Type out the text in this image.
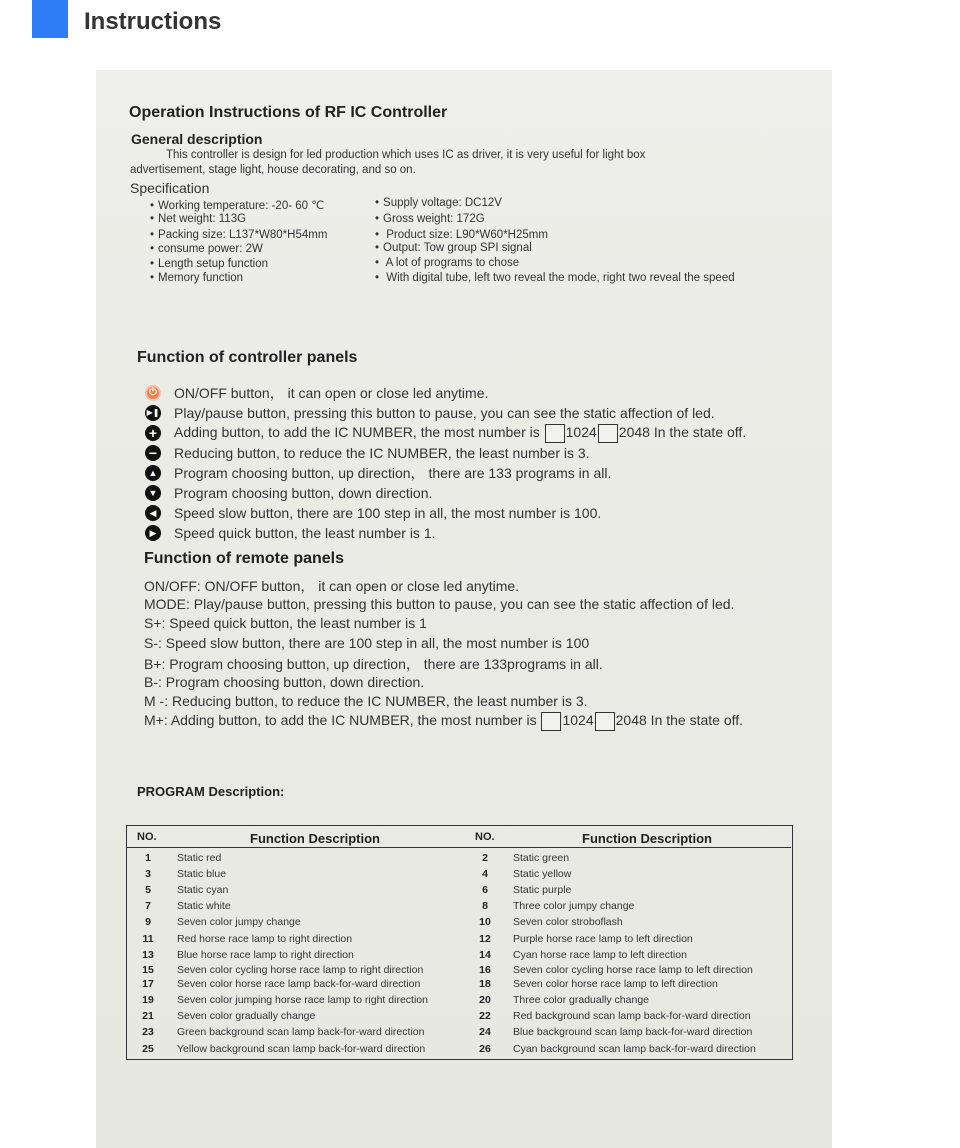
Instructions
Operation Instructions of RF IC Controller
General description
This controller is design for led production which uses IC as driver, it is very useful for light box
advertisement, stage light, house decorating, and so on.
Specification
• Working temperature: -20- 60 ℃
• Net weight: 113G
• Packing size: L137*W80*H54mm
• consume power: 2W
• Length setup function
• Memory function
• Supply voltage: DC12V
• Gross weight: 172G
• Product size: L90*W60*H25mm
• Output: Tow group SPI signal
• A lot of programs to chose
• With digital tube, left two reveal the mode, right two reveal the speed
Function of controller panels
⏻ ON/OFF button， it can open or close led anytime.
▶❚ Play/pause button, pressing this button to pause, you can see the static affection of led.
+ Adding button, to add the IC NUMBER, the most number is 1024 2048 In the state off.
− Reducing button, to reduce the IC NUMBER, the least number is 3.
▲ Program choosing button, up direction， there are 133 programs in all.
▼ Program choosing button, down direction.
◀	Speed slow button, there are 100 step in all, the most number is 100.
▶	Speed quick button, the least number is 1.
Function of remote panels
ON/OFF: ON/OFF button， it can open or close led anytime.
MODE: Play/pause button, pressing this button to pause, you can see the static affection of led.
S+: Speed quick button, the least number is 1
S-: Speed slow button, there are 100 step in all, the most number is 100
B+: Program choosing button, up direction， there are 133programs in all.
B-: Program choosing button, down direction.
M -: Reducing button, to reduce the IC NUMBER, the least number is 3.
M+: Adding button, to add the IC NUMBER, the most number is 1024 2048 In the state off.
PROGRAM Description:
NO.	Function Description	NO.	Function Description
1	Static red	2	Static green
3	Static blue	4	Static yellow
5	Static cyan	6	Static purple
7	Static white	8	Three color jumpy change
9	Seven color jumpy change	10	Seven color stroboflash
11	Red horse race lamp to right direction	12	Purple horse race lamp to left direction
13	Blue horse race lamp to right direction	14	Cyan horse race lamp to left direction
15	Seven color cycling horse race lamp to right direction	16	Seven color cycling horse race lamp to left direction
17	Seven color horse race lamp back-for-ward direction	18	Seven color horse race lamp to left direction
19	Seven color jumping horse race lamp to right direction	20	Three color gradually change
21	Seven color gradually change	22	Red background scan lamp back-for-ward direction
23	Green background scan lamp back-for-ward direction	24	Blue background scan lamp back-for-ward direction
25	Yellow background scan lamp back-for-ward direction	26	Cyan background scan lamp back-for-ward direction
